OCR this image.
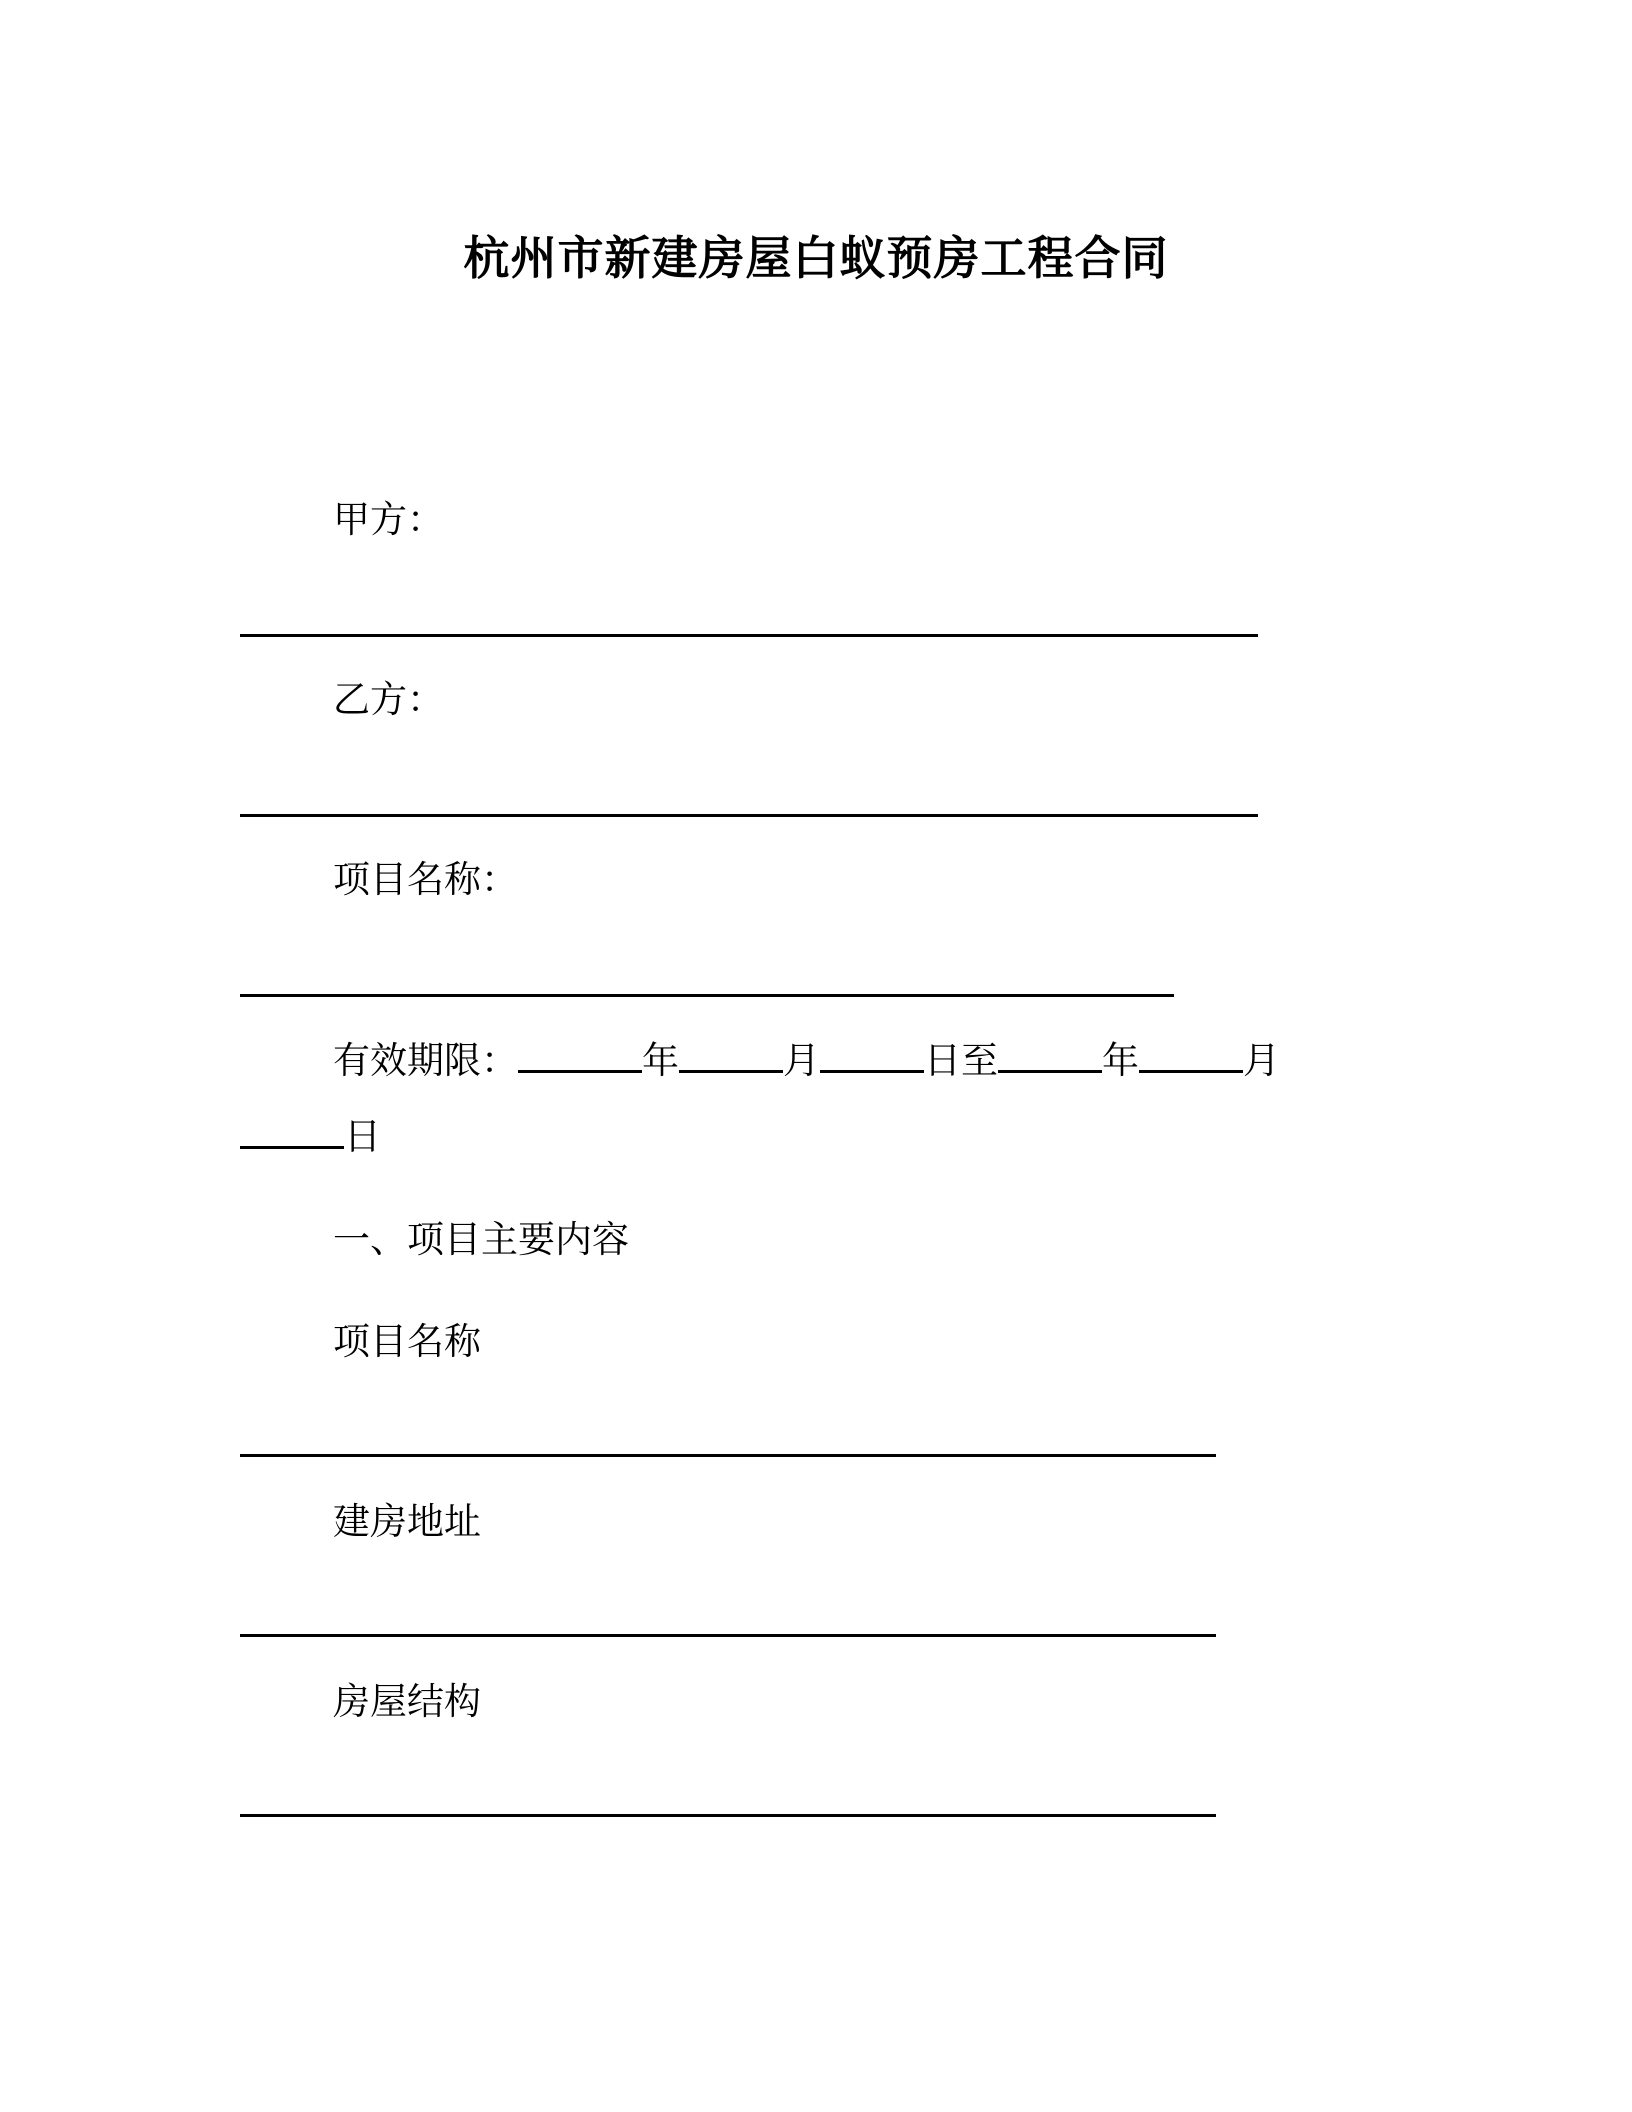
杭州市新建房屋白蚁预房工程合同
甲方：
乙方：
项目名称：
有效期限：	年	月	日至	年	月
日
一、项目主要内容
项目名称
建房地址
房屋结构
